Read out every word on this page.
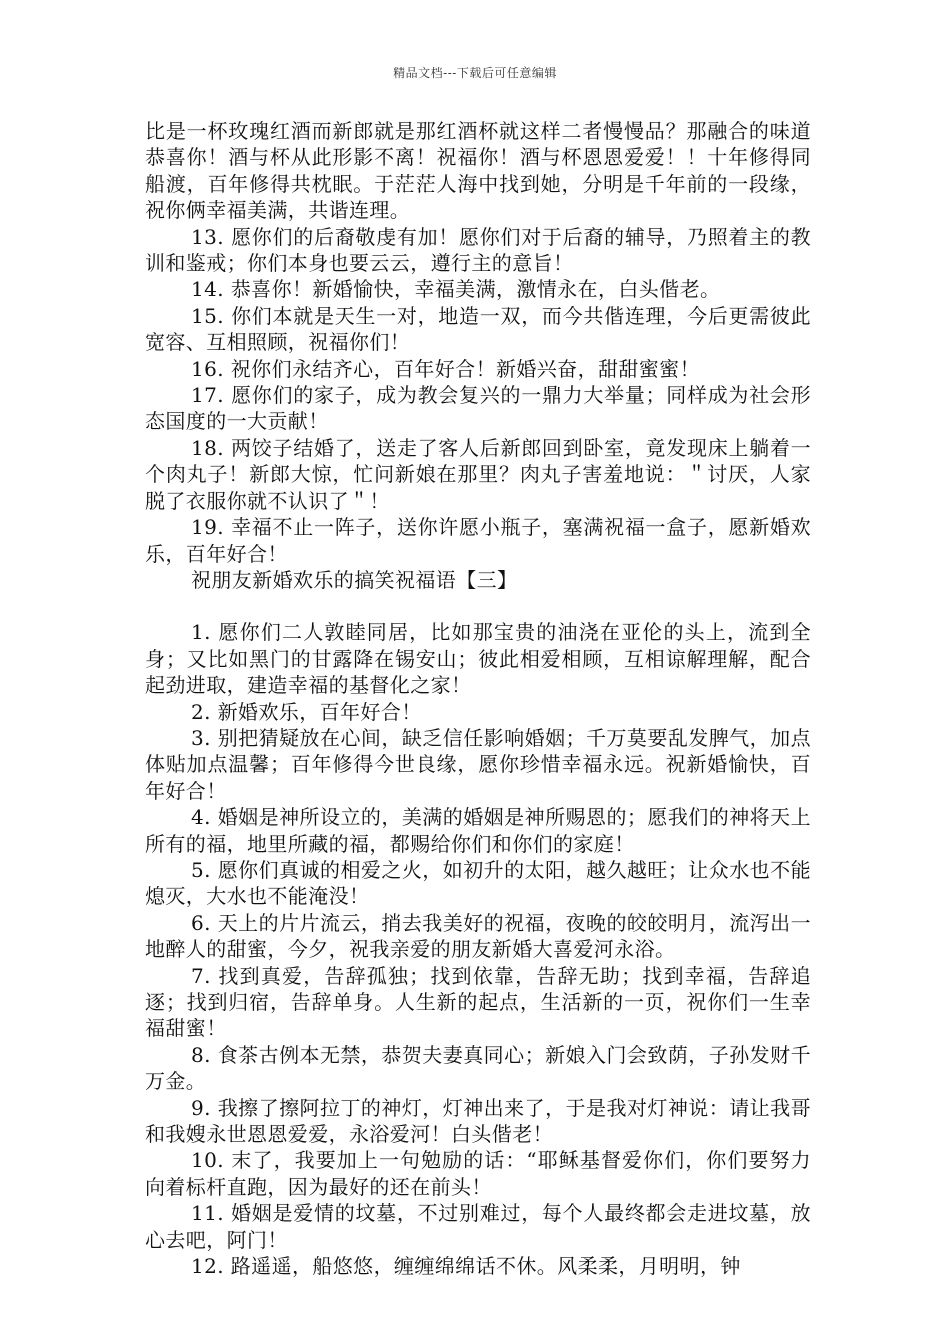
精品文档---下载后可任意编辑

比是一杯玫瑰红酒而新郎就是那红酒杯就这样二者慢慢品？那融合的味道恭喜你！酒与杯从此形影不离！祝福你！酒与杯恩恩爱爱！！十年修得同船渡，百年修得共枕眠。于茫茫人海中找到她，分明是千年前的一段缘，祝你俩幸福美满，共谐连理。

13. 愿你们的后裔敬虔有加！愿你们对于后裔的辅导，乃照着主的教训和鉴戒；你们本身也要云云，遵行主的意旨！

14. 恭喜你！新婚愉快，幸福美满，激情永在，白头偕老。

15. 你们本就是天生一对，地造一双，而今共偕连理，今后更需彼此宽容、互相照顾，祝福你们！

16. 祝你们永结齐心，百年好合！新婚兴奋，甜甜蜜蜜！

17. 愿你们的家子，成为教会复兴的一鼎力大举量；同样成为社会形态国度的一大贡献！

18. 两饺子结婚了，送走了客人后新郎回到卧室，竟发现床上躺着一个肉丸子！新郎大惊，忙问新娘在那里？肉丸子害羞地说：＂讨厌，人家脱了衣服你就不认识了＂！

19. 幸福不止一阵子，送你许愿小瓶子，塞满祝福一盒子，愿新婚欢乐，百年好合！

祝朋友新婚欢乐的搞笑祝福语【三】

1. 愿你们二人敦睦同居，比如那宝贵的油浇在亚伦的头上，流到全身；又比如黑门的甘露降在锡安山；彼此相爱相顾，互相谅解理解，配合起劲进取，建造幸福的基督化之家！

2. 新婚欢乐，百年好合！

3. 别把猜疑放在心间，缺乏信任影响婚姻；千万莫要乱发脾气，加点体贴加点温馨；百年修得今世良缘，愿你珍惜幸福永远。祝新婚愉快，百年好合！

4. 婚姻是神所设立的，美满的婚姻是神所赐恩的；愿我们的神将天上所有的福，地里所藏的福，都赐给你们和你们的家庭！

5. 愿你们真诚的相爱之火，如初升的太阳，越久越旺；让众水也不能熄灭，大水也不能淹没！

6. 天上的片片流云，捎去我美好的祝福，夜晚的皎皎明月，流泻出一地醉人的甜蜜，今夕，祝我亲爱的朋友新婚大喜爱河永浴。

7. 找到真爱，告辞孤独；找到依靠，告辞无助；找到幸福，告辞追逐；找到归宿，告辞单身。人生新的起点，生活新的一页，祝你们一生幸福甜蜜！

8. 食茶古例本无禁，恭贺夫妻真同心；新娘入门会致荫，子孙发财千万金。

9. 我擦了擦阿拉丁的神灯，灯神出来了，于是我对灯神说：请让我哥和我嫂永世恩恩爱爱，永浴爱河！白头偕老！

10. 末了，我要加上一句勉励的话：“耶稣基督爱你们，你们要努力向着标杆直跑，因为最好的还在前头！

11. 婚姻是爱情的坟墓，不过别难过，每个人最终都会走进坟墓，放心去吧，阿门！

12. 路遥遥，船悠悠，缠缠绵绵话不休。风柔柔，月明明，钟
